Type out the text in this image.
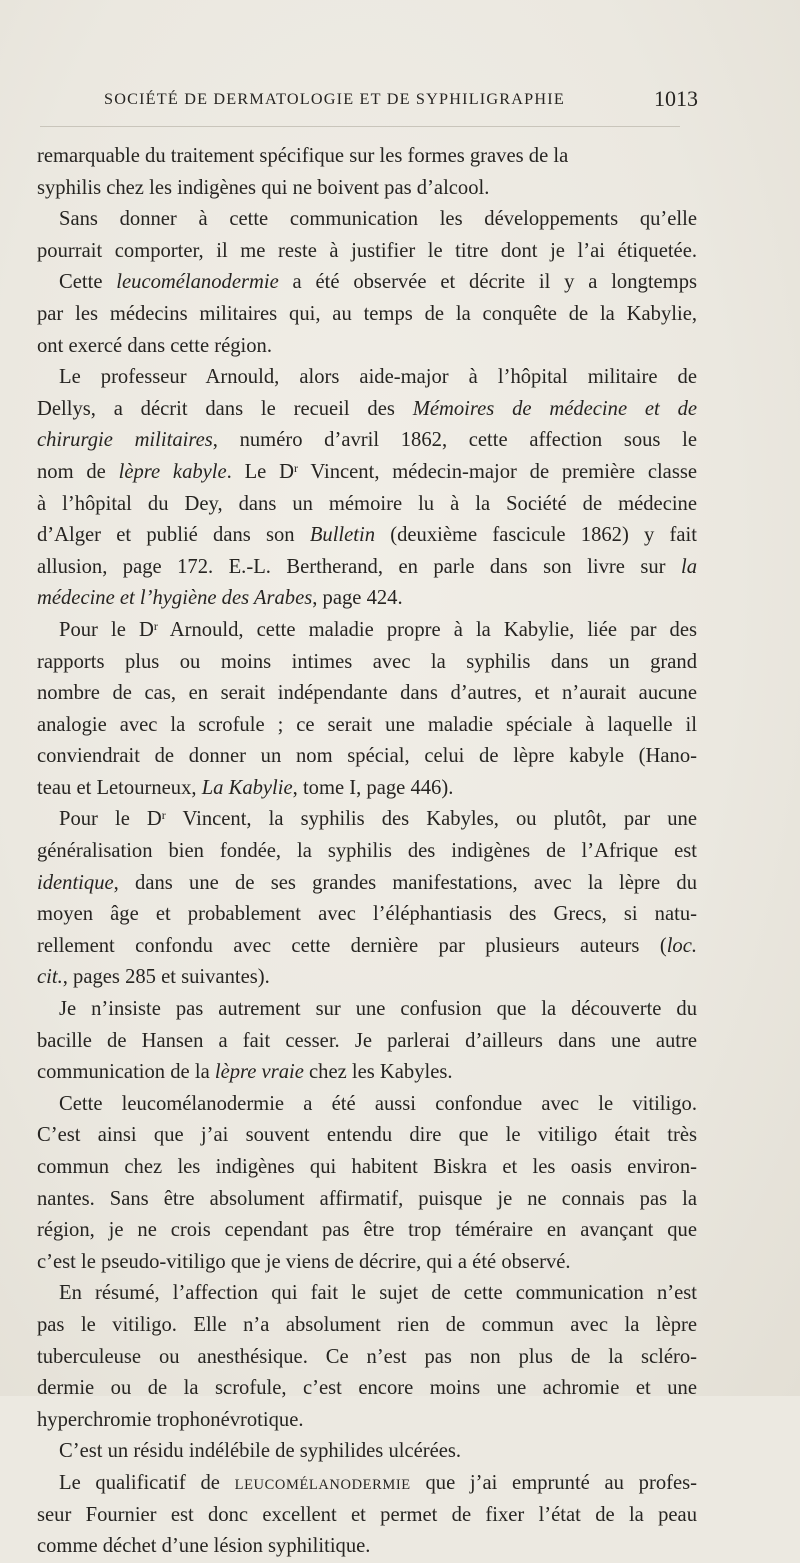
SOCIÉTÉ DE DERMATOLOGIE ET DE SYPHILIGRAPHIE	1013
remarquable du traitement spécifique sur les formes graves de la
syphilis chez les indigènes qui ne boivent pas d’alcool.
Sans donner à cette communication les développements qu’elle
pourrait comporter, il me reste à justifier le titre dont je l’ai étiquetée.
Cette leucomélanodermie a été observée et décrite il y a longtemps
par les médecins militaires qui, au temps de la conquête de la Kabylie,
ont exercé dans cette région.
Le professeur Arnould, alors aide-major à l’hôpital militaire de
Dellys, a décrit dans le recueil des Mémoires de médecine et de
chirurgie militaires, numéro d’avril 1862, cette affection sous le
nom de lèpre kabyle. Le $D^r$ Vincent, médecin-major de première classe
à l’hôpital du Dey, dans un mémoire lu à la Société de médecine
d’Alger et publié dans son Bulletin (deuxième fascicule 1862) y fait
allusion, page 172. E.-L. Bertherand, en parle dans son livre sur la
médecine et l’hygiène des Arabes, page 424.
Pour le $D^r$ Arnould, cette maladie propre à la Kabylie, liée par des
rapports plus ou moins intimes avec la syphilis dans un grand
nombre de cas, en serait indépendante dans d’autres, et n’aurait aucune
analogie avec la scrofule ; ce serait une maladie spéciale à laquelle il
conviendrait de donner un nom spécial, celui de lèpre kabyle (Hano-
teau et Letourneux, La Kabylie, tome I, page 446).
Pour le $D^r$ Vincent, la syphilis des Kabyles, ou plutôt, par une
généralisation bien fondée, la syphilis des indigènes de l’Afrique est
identique, dans une de ses grandes manifestations, avec la lèpre du
moyen âge et probablement avec l’éléphantiasis des Grecs, si natu-
rellement confondu avec cette dernière par plusieurs auteurs (loc.
cit., pages 285 et suivantes).
Je n’insiste pas autrement sur une confusion que la découverte du
bacille de Hansen a fait cesser. Je parlerai d’ailleurs dans une autre
communication de la lèpre vraie chez les Kabyles.
Cette leucomélanodermie a été aussi confondue avec le vitiligo.
C’est ainsi que j’ai souvent entendu dire que le vitiligo était très
commun chez les indigènes qui habitent Biskra et les oasis environ-
nantes. Sans être absolument affirmatif, puisque je ne connais pas la
région, je ne crois cependant pas être trop téméraire en avançant que
c’est le pseudo-vitiligo que je viens de décrire, qui a été observé.
En résumé, l’affection qui fait le sujet de cette communication n’est
pas le vitiligo. Elle n’a absolument rien de commun avec la lèpre
tuberculeuse ou anesthésique. Ce n’est pas non plus de la scléro-
dermie ou de la scrofule, c’est encore moins une achromie et une
hyperchromie trophonévrotique.
C’est un résidu indélébile de syphilides ulcérées.
Le qualificatif de LEUCOMÉLANODERMIE que j’ai emprunté au profes-
seur Fournier est donc excellent et permet de fixer l’état de la peau
comme déchet d’une lésion syphilitique.
